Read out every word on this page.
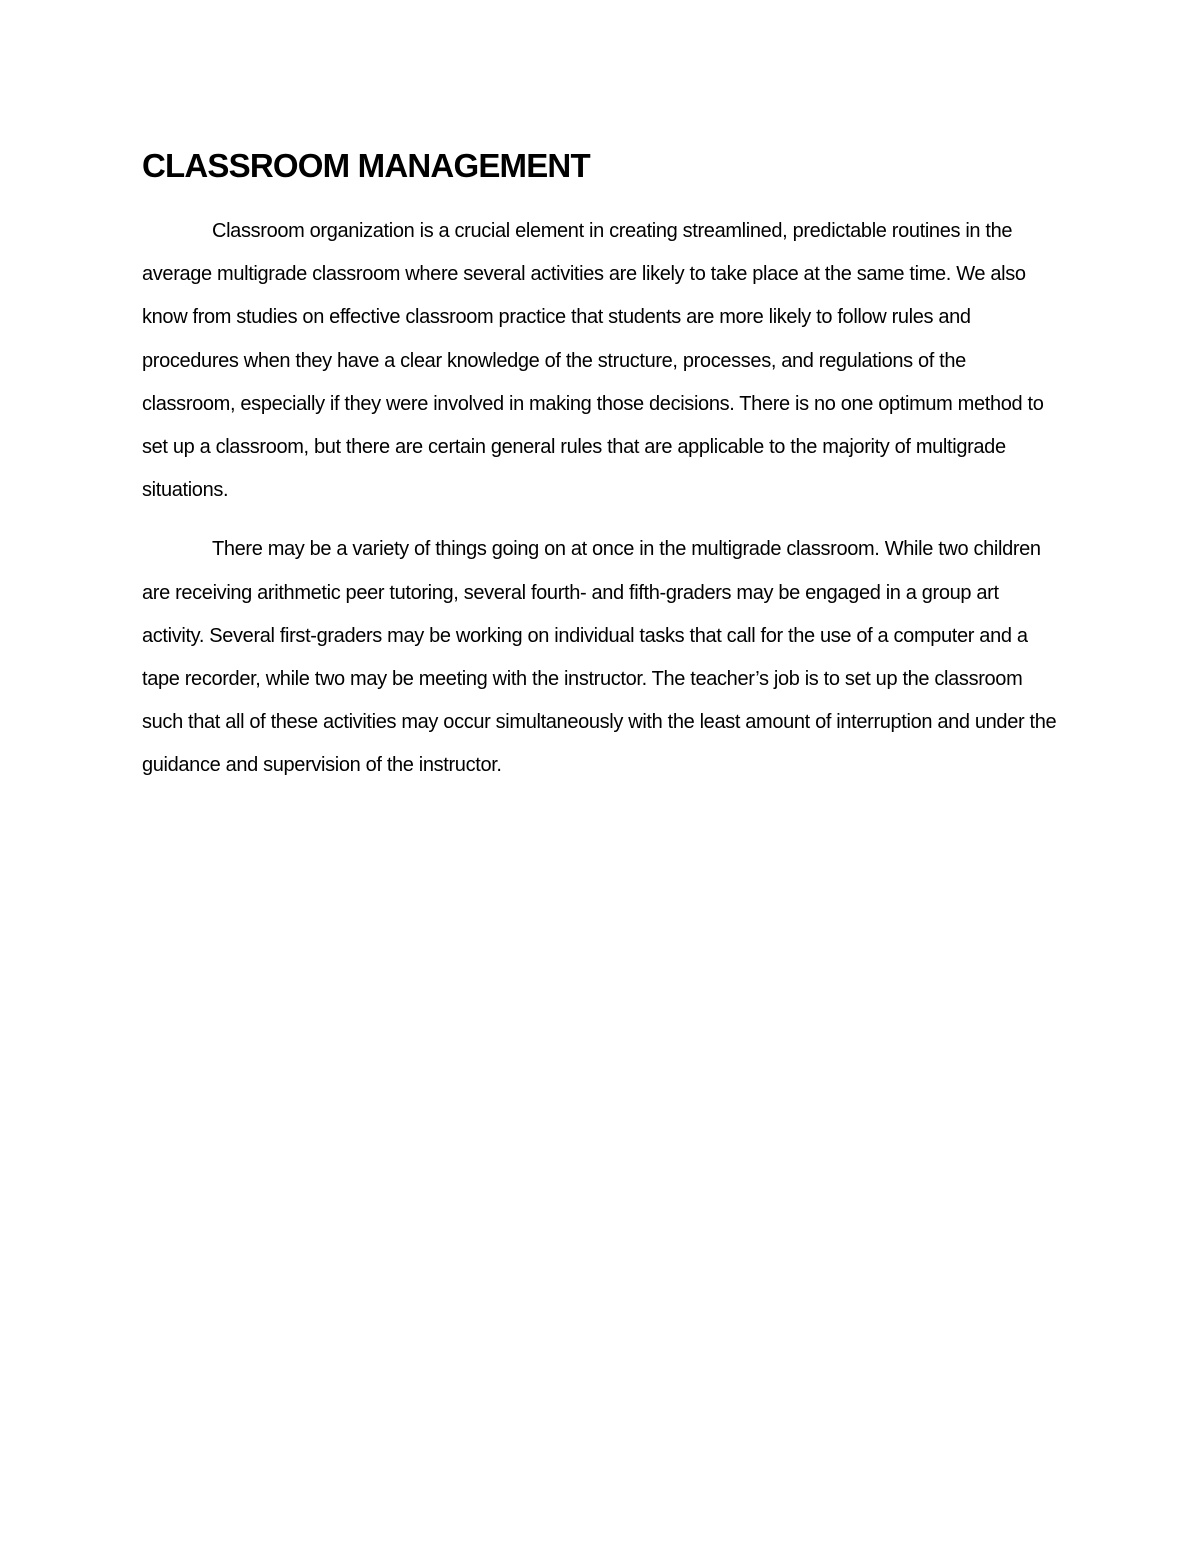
CLASSROOM MANAGEMENT

Classroom organization is a crucial element in creating streamlined, predictable routines in the average multigrade classroom where several activities are likely to take place at the same time. We also know from studies on effective classroom practice that students are more likely to follow rules and procedures when they have a clear knowledge of the structure, processes, and regulations of the classroom, especially if they were involved in making those decisions. There is no one optimum method to set up a classroom, but there are certain general rules that are applicable to the majority of multigrade situations.

There may be a variety of things going on at once in the multigrade classroom. While two children are receiving arithmetic peer tutoring, several fourth- and fifth-graders may be engaged in a group art activity. Several first-graders may be working on individual tasks that call for the use of a computer and a tape recorder, while two may be meeting with the instructor. The teacher’s job is to set up the classroom such that all of these activities may occur simultaneously with the least amount of interruption and under the guidance and supervision of the instructor.
